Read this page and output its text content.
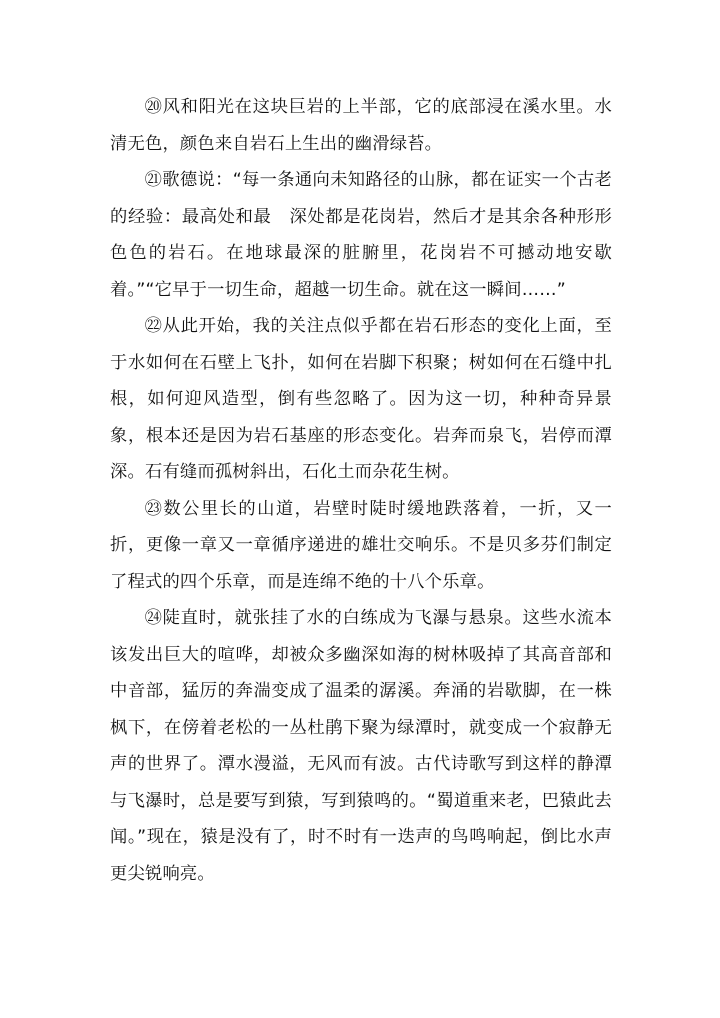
⑳风和阳光在这块巨岩的上半部，它的底部浸在溪水里。水清无色，颜色来自岩石上生出的幽滑绿苔。

㉑歌德说：“每一条通向未知路径的山脉，都在证实一个古老的经验：最高处和最　深处都是花岗岩，然后才是其余各种形形色色的岩石。在地球最深的脏腑里，花岗岩不可撼动地安歇着。”“它早于一切生命，超越一切生命。就在这一瞬间……”

㉒从此开始，我的关注点似乎都在岩石形态的变化上面，至于水如何在石壁上飞扑，如何在岩脚下积聚；树如何在石缝中扎根，如何迎风造型，倒有些忽略了。因为这一切，种种奇异景象，根本还是因为岩石基座的形态变化。岩奔而泉飞，岩停而潭深。石有缝而孤树斜出，石化土而杂花生树。

㉓数公里长的山道，岩壁时陡时缓地跌落着，一折，又一折，更像一章又一章循序递进的雄壮交响乐。不是贝多芬们制定了程式的四个乐章，而是连绵不绝的十八个乐章。

㉔陡直时，就张挂了水的白练成为飞瀑与悬泉。这些水流本该发出巨大的喧哗，却被众多幽深如海的树林吸掉了其高音部和中音部，猛厉的奔湍变成了温柔的潺溪。奔涌的岩歇脚，在一株枫下，在傍着老松的一丛杜鹃下聚为绿潭时，就变成一个寂静无声的世界了。潭水漫溢，无风而有波。古代诗歌写到这样的静潭与飞瀑时，总是要写到猿，写到猿鸣的。“蜀道重来老，巴猿此去闻。”现在，猿是没有了，时不时有一迭声的鸟鸣响起，倒比水声更尖锐响亮。
